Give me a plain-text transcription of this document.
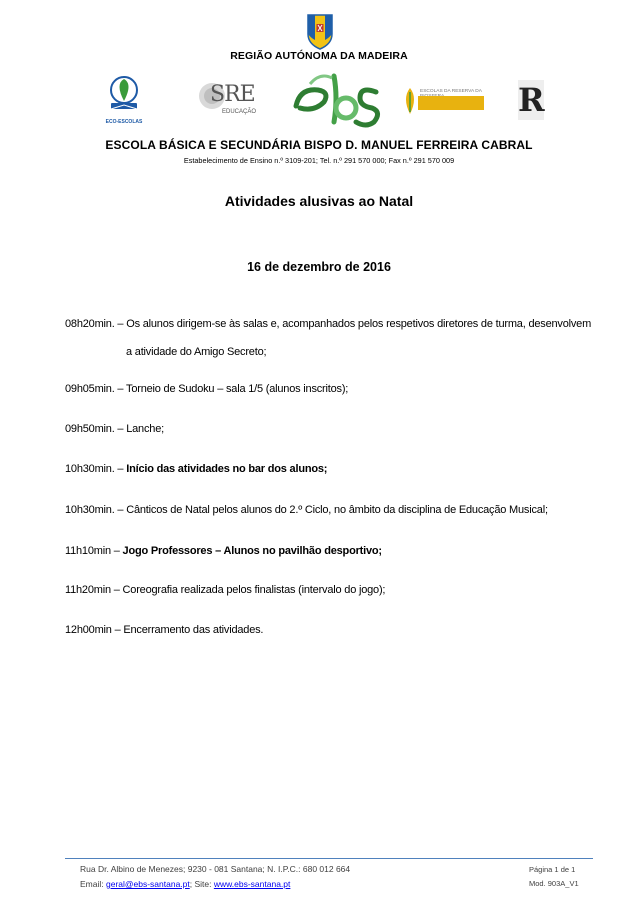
REGIÃO AUTÓNOMA DA MADEIRA
ECO-ESCOLAS
SRE
EDUCAÇÃO
ESCOLAS DA RESERVA DA R
ESCOLA BÁSICA E SECUNDÁRIA BISPO D. MANUEL FERREIRA CABRAL
Estabelecimento de Ensino n.º 3109-201; Tel. n.º 291 570 000; Fax n.º 291 570 009
Atividades alusivas ao Natal
16 de dezembro de 2016
08h20min. – Os alunos dirigem-se às salas e, acompanhados pelos respetivos diretores de turma, desenvolvem
a atividade do Amigo Secreto;
09h05min. – Torneio de Sudoku – sala 1/5 (alunos inscritos);
09h50min. – Lanche;
10h30min. – Início das atividades no bar dos alunos;
10h30min. – Cânticos de Natal pelos alunos do 2.º Ciclo, no âmbito da disciplina de Educação Musical;
11h10min – Jogo Professores – Alunos no pavilhão desportivo;
11h20min – Coreografia realizada pelos finalistas (intervalo do jogo);
12h00min – Encerramento das atividades.
Rua Dr. Albino de Menezes; 9230 - 081 Santana; N. I.P.C.: 680 012 664
Email: geral@ebs-santana.pt; Site: www.ebs-santana.pt
Página 1 de 1
Mod. 903A_V1
